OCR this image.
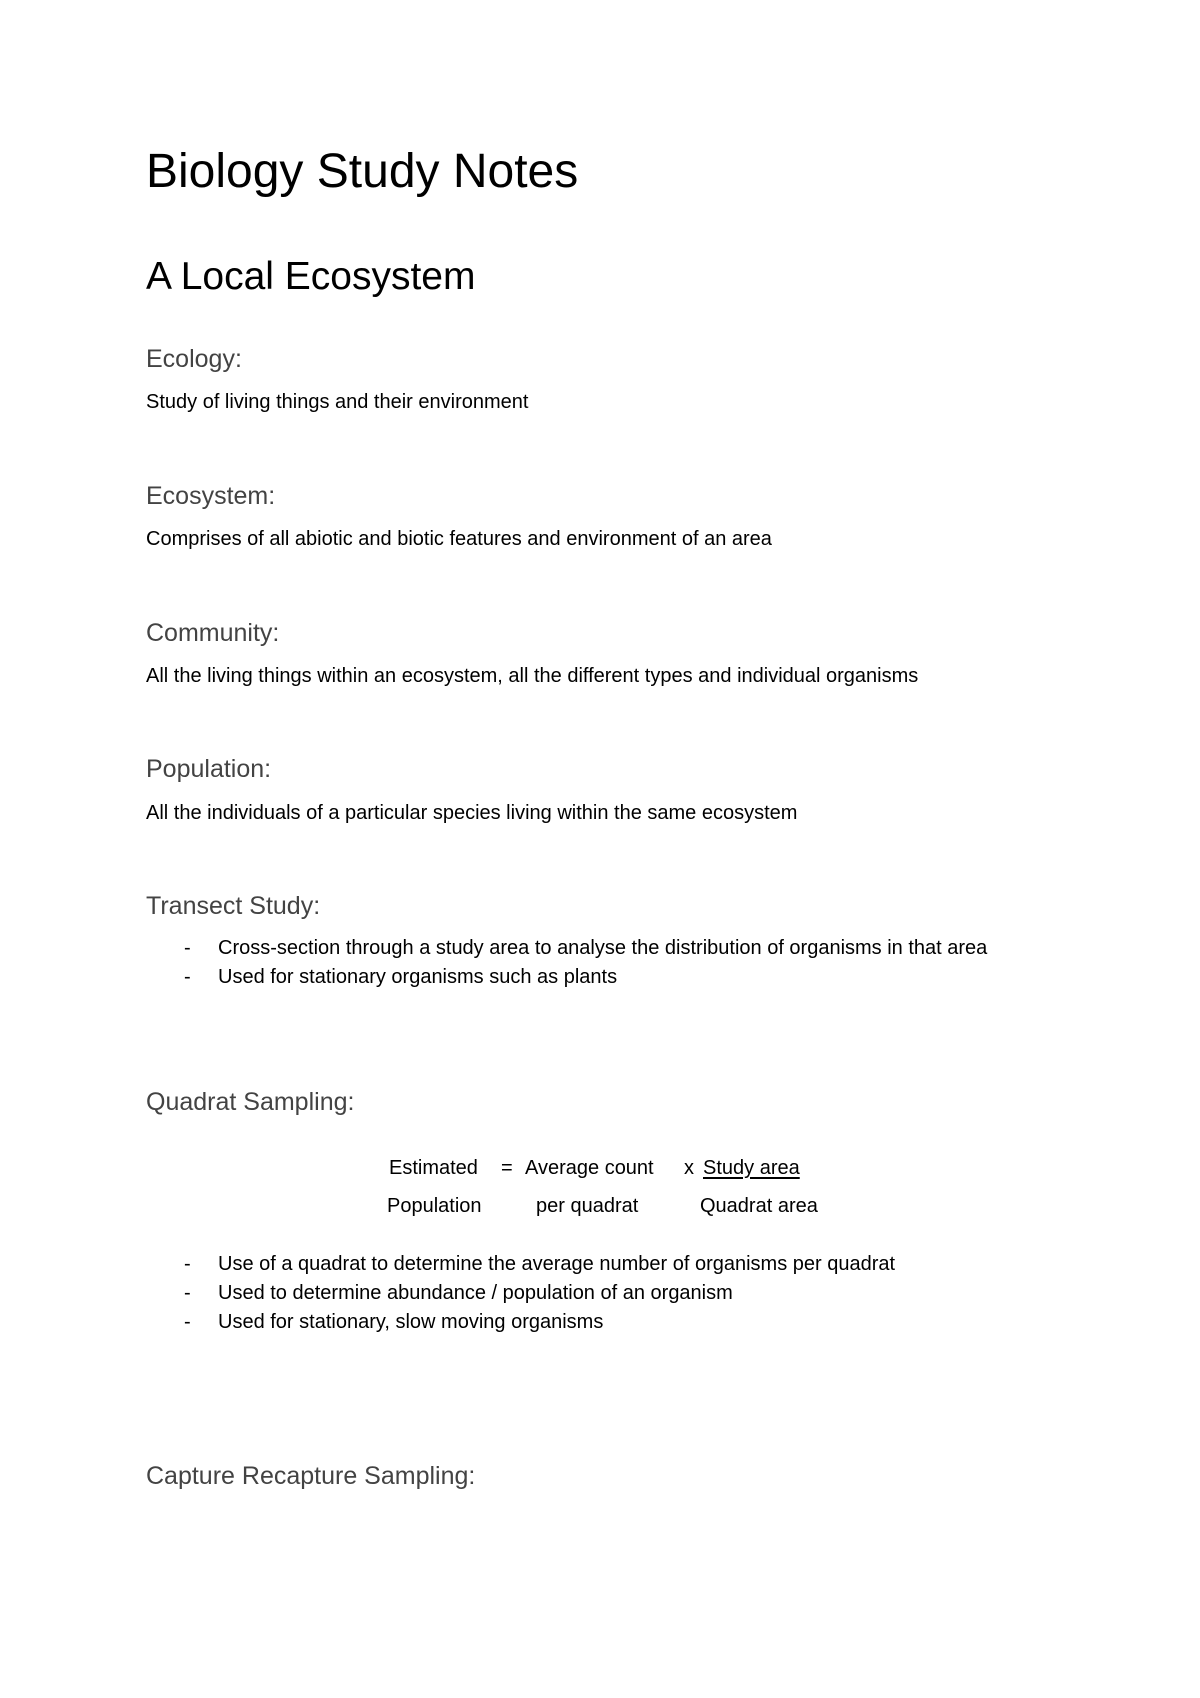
Biology Study Notes
A Local Ecosystem
Ecology:
Study of living things and their environment
Ecosystem:
Comprises of all abiotic and biotic features and environment of an area
Community:
All the living things within an ecosystem, all the different types and individual organisms
Population:
All the individuals of a particular species living within the same ecosystem
Transect Study:
- Cross-section through a study area to analyse the distribution of organisms in that area
- Used for stationary organisms such as plants
Quadrat Sampling:
Estimated = Average count x Study area
Population	per quadrat	Quadrat area
- Use of a quadrat to determine the average number of organisms per quadrat
- Used to determine abundance / population of an organism
- Used for stationary, slow moving organisms
Capture Recapture Sampling:
